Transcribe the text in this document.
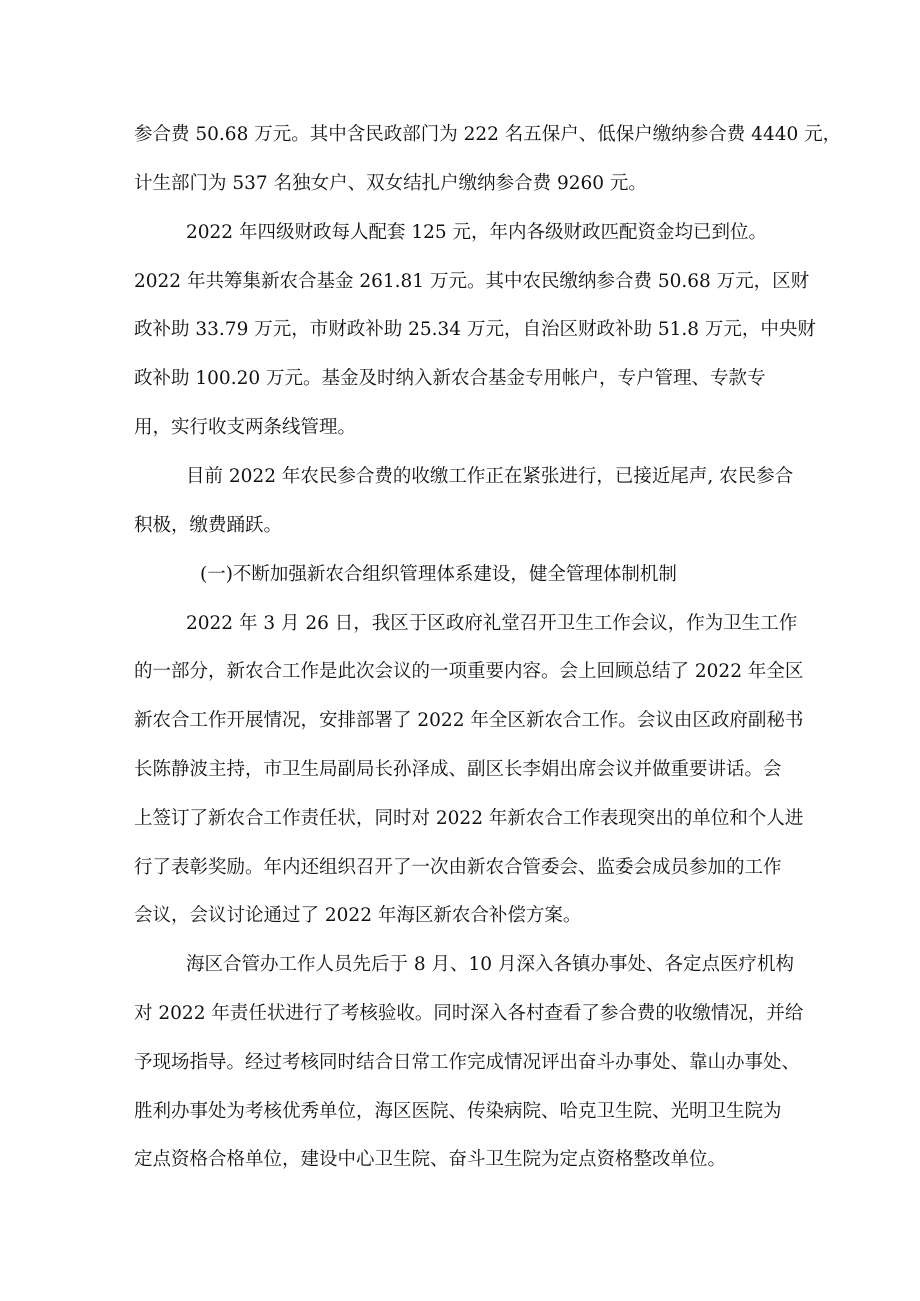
参合费 50.68 万元。其中含民政部门为 222 名五保户、低保户缴纳参合费 4440 元，
计生部门为 537 名独女户、双女结扎户缴纳参合费 9260 元。
2022 年四级财政每人配套 125 元，年内各级财政匹配资金均已到位。
2022 年共筹集新农合基金 261.81 万元。其中农民缴纳参合费 50.68 万元，区财
政补助 33.79 万元，市财政补助 25.34 万元，自治区财政补助 51.8 万元，中央财
政补助 100.20 万元。基金及时纳入新农合基金专用帐户，专户管理、专款专
用，实行收支两条线管理。
目前 2022 年农民参合费的收缴工作正在紧张进行，已接近尾声, 农民参合
积极，缴费踊跃。
(一)不断加强新农合组织管理体系建设，健全管理体制机制
2022 年 3 月 26 日，我区于区政府礼堂召开卫生工作会议，作为卫生工作
的一部分，新农合工作是此次会议的一项重要内容。会上回顾总结了 2022 年全区
新农合工作开展情况，安排部署了 2022 年全区新农合工作。会议由区政府副秘书
长陈静波主持，市卫生局副局长孙泽成、副区长李娟出席会议并做重要讲话。会
上签订了新农合工作责任状，同时对 2022 年新农合工作表现突出的单位和个人进
行了表彰奖励。年内还组织召开了一次由新农合管委会、监委会成员参加的工作
会议，会议讨论通过了 2022 年海区新农合补偿方案。
海区合管办工作人员先后于 8 月、10 月深入各镇办事处、各定点医疗机构
对 2022 年责任状进行了考核验收。同时深入各村查看了参合费的收缴情况，并给
予现场指导。经过考核同时结合日常工作完成情况评出奋斗办事处、靠山办事处、
胜利办事处为考核优秀单位，海区医院、传染病院、哈克卫生院、光明卫生院为
定点资格合格单位，建设中心卫生院、奋斗卫生院为定点资格整改单位。
